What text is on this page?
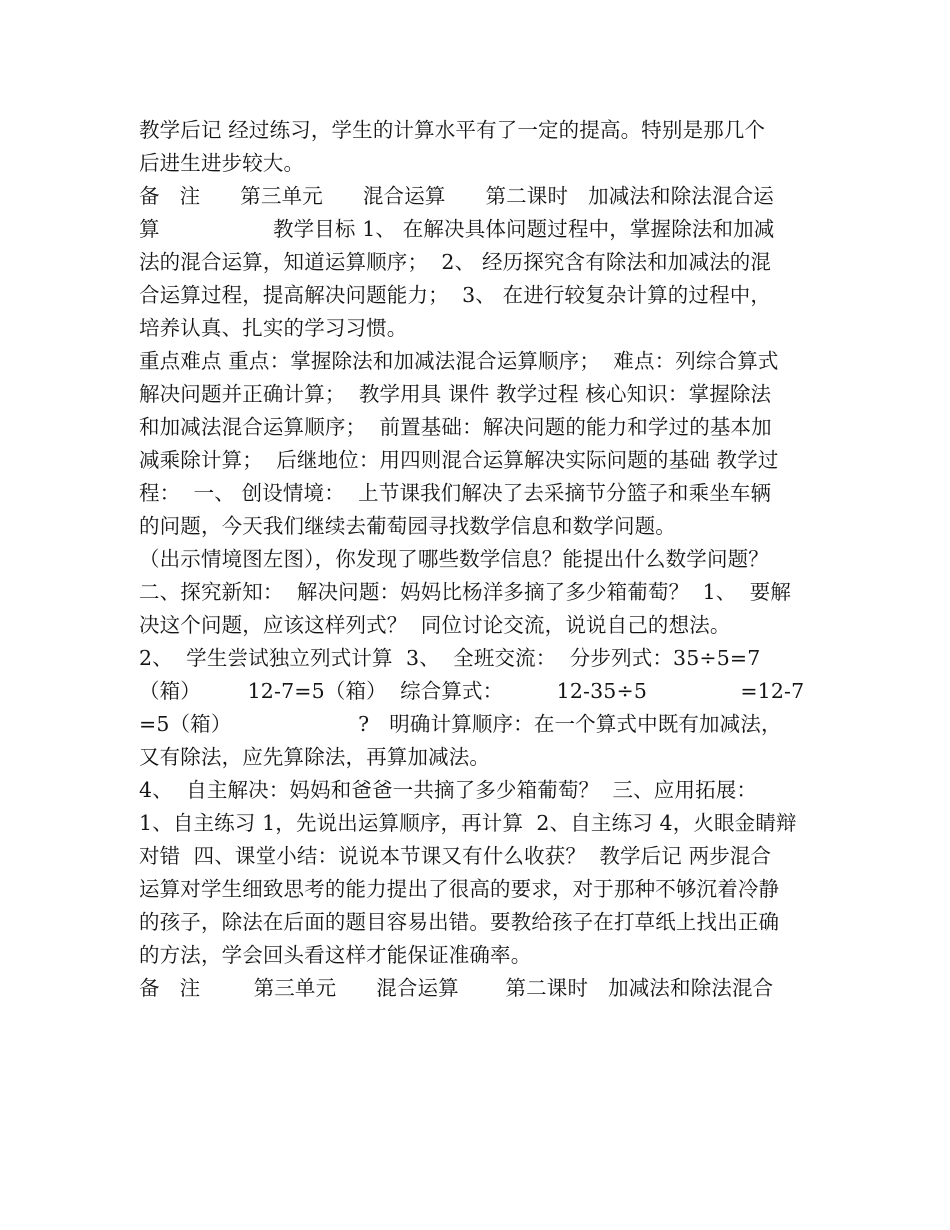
教学后记 经过练习，学生的计算水平有了一定的提高。特别是那几个
后进生进步较大。
备   注      第三单元      混合运算      第二课时   加减法和除法混合运
算                 教学目标 1、 在解决具体问题过程中，掌握除法和加减
法的混合运算，知道运算顺序；  2、 经历探究含有除法和加减法的混
合运算过程，提高解决问题能力；  3、 在进行较复杂计算的过程中，
培养认真、扎实的学习习惯。
重点难点 重点：掌握除法和加减法混合运算顺序；  难点：列综合算式
解决问题并正确计算；  教学用具 课件 教学过程 核心知识：掌握除法
和加减法混合运算顺序；  前置基础：解决问题的能力和学过的基本加
减乘除计算；  后继地位：用四则混合运算解决实际问题的基础 教学过
程：  一、 创设情境：  上节课我们解决了去采摘节分篮子和乘坐车辆
的问题，今天我们继续去葡萄园寻找数学信息和数学问题。
（出示情境图左图），你发现了哪些数学信息？能提出什么数学问题？
二、探究新知：  解决问题：妈妈比杨洋多摘了多少箱葡萄？  1、  要解
决这个问题，应该这样列式？  同位讨论交流，说说自己的想法。
2、  学生尝试独立列式计算  3、  全班交流：  分步列式：35÷5=7
（箱）       12-7=5（箱）  综合算式：        12-35÷5              =12-7
=5（箱）                   ?   明确计算顺序：在一个算式中既有加减法，
又有除法，应先算除法，再算加减法。
4、  自主解决：妈妈和爸爸一共摘了多少箱葡萄？  三、应用拓展：
1、自主练习 1，先说出运算顺序，再计算  2、自主练习 4，火眼金睛辩
对错  四、课堂小结：说说本节课又有什么收获？  教学后记 两步混合
运算对学生细致思考的能力提出了很高的要求，对于那种不够沉着冷静
的孩子，除法在后面的题目容易出错。要教给孩子在打草纸上找出正确
的方法，学会回头看这样才能保证准确率。
备   注        第三单元      混合运算       第二课时   加减法和除法混合
